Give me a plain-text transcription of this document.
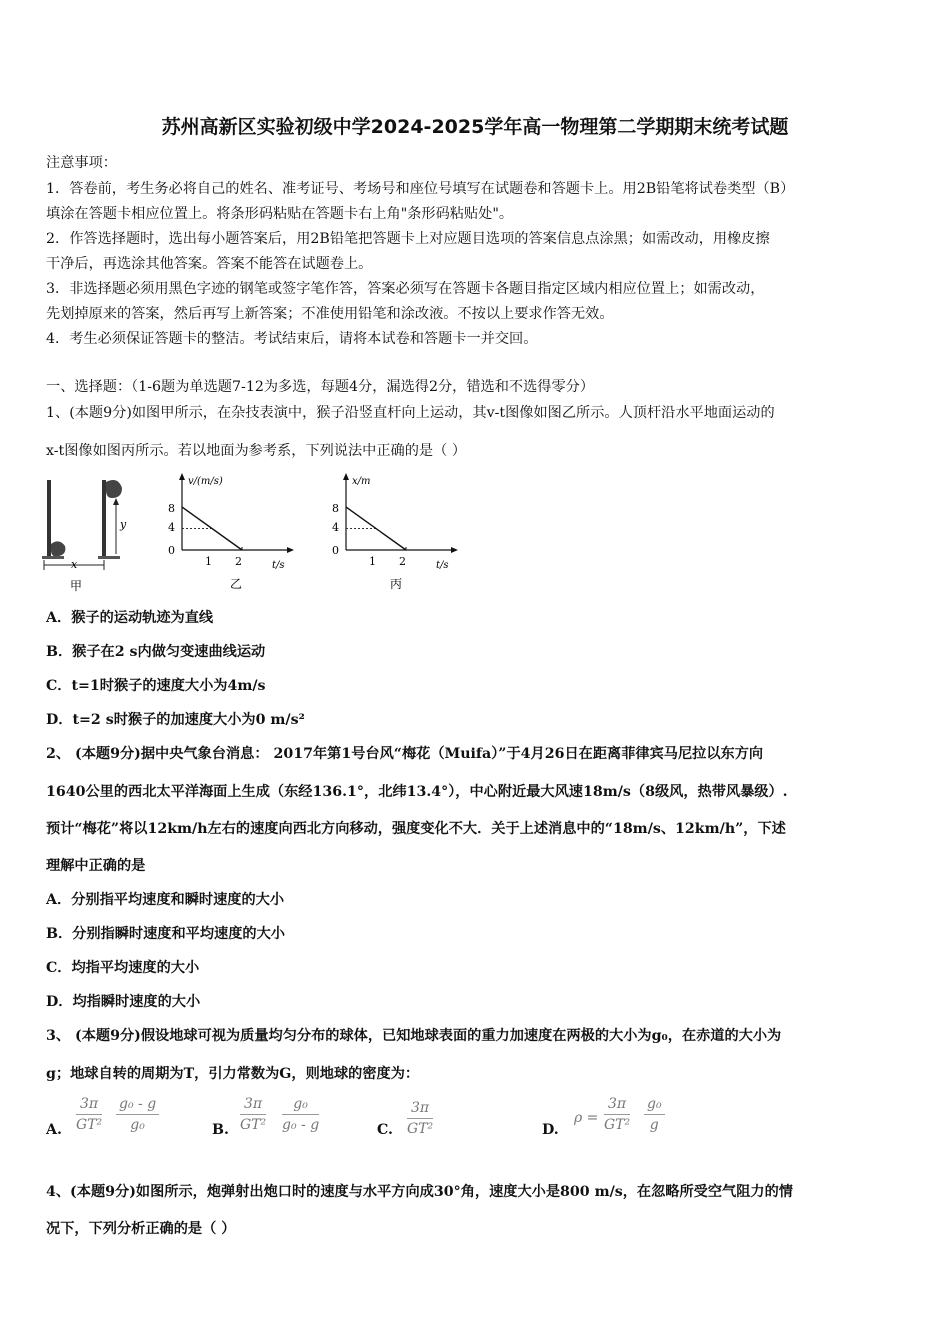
苏州高新区实验初级中学2024-2025学年高一物理第二学期期末统考试题
注意事项：
1．答卷前，考生务必将自己的姓名、准考证号、考场号和座位号填写在试题卷和答题卡上。用2B铅笔将试卷类型（B）
填涂在答题卡相应位置上。将条形码粘贴在答题卡右上角"条形码粘贴处"。
2．作答选择题时，选出每小题答案后，用2B铅笔把答题卡上对应题目选项的答案信息点涂黑；如需改动，用橡皮擦
干净后，再选涂其他答案。答案不能答在试题卷上。
3．非选择题必须用黑色字迹的钢笔或签字笔作答，答案必须写在答题卡各题目指定区域内相应位置上；如需改动，
先划掉原来的答案，然后再写上新答案；不准使用铅笔和涂改液。不按以上要求作答无效。
4．考生必须保证答题卡的整洁。考试结束后，请将本试卷和答题卡一并交回。
一、选择题：（1-6题为单选题7-12为多选，每题4分，漏选得2分，错选和不选得零分）
1、(本题9分)如图甲所示，在杂技表演中，猴子沿竖直杆向上运动，其v-t图像如图乙所示。人顶杆沿水平地面运动的
x-t图像如图丙所示。若以地面为参考系，下列说法中正确的是（ ）
y
x
甲
v/(m/s)
t/s
8
4
0
1 2
乙
x/m
t/s
8
4
0
1 2
丙
A．猴子的运动轨迹为直线
B．猴子在2 s内做匀变速曲线运动
C．t=1时猴子的速度大小为4m/s
D．t=2 s时猴子的加速度大小为0 m/s²
2、 (本题9分)据中央气象台消息： 2017年第1号台风“梅花（Muifa）”于4月26日在距离菲律宾马尼拉以东方向
1640公里的西北太平洋海面上生成（东经136.1°，北纬13.4°），中心附近最大风速18m/s（8级风，热带风暴级）.
预计“梅花”将以12km/h左右的速度向西北方向移动，强度变化不大．关于上述消息中的“18m/s、12km/h”，下述
理解中正确的是
A．分别指平均速度和瞬时速度的大小
B．分别指瞬时速度和平均速度的大小
C．均指平均速度的大小
D．均指瞬时速度的大小
3、 (本题9分)假设地球可视为质量均匀分布的球体，已知地球表面的重力加速度在两极的大小为g₀，在赤道的大小为
g；地球自转的周期为T，引力常数为G，则地球的密度为：
A. $\frac{3\pi}{\text{GT²}} \frac{\text{g₀ - g}}{\text{g₀}}$	B. $\frac{3\pi}{\text{GT²}} \frac{\text{g₀}}{\text{g₀ - g}}$	C. $\frac{3\pi}{\text{GT²}}$	D.
$\rho = \frac{3\pi}{\text{GT²}} \frac{\text{g₀}}{g}$
4、(本题9分)如图所示，炮弹射出炮口时的速度与水平方向成30°角，速度大小是800 m/s，在忽略所受空气阻力的情
况下，下列分析正确的是（ ）
